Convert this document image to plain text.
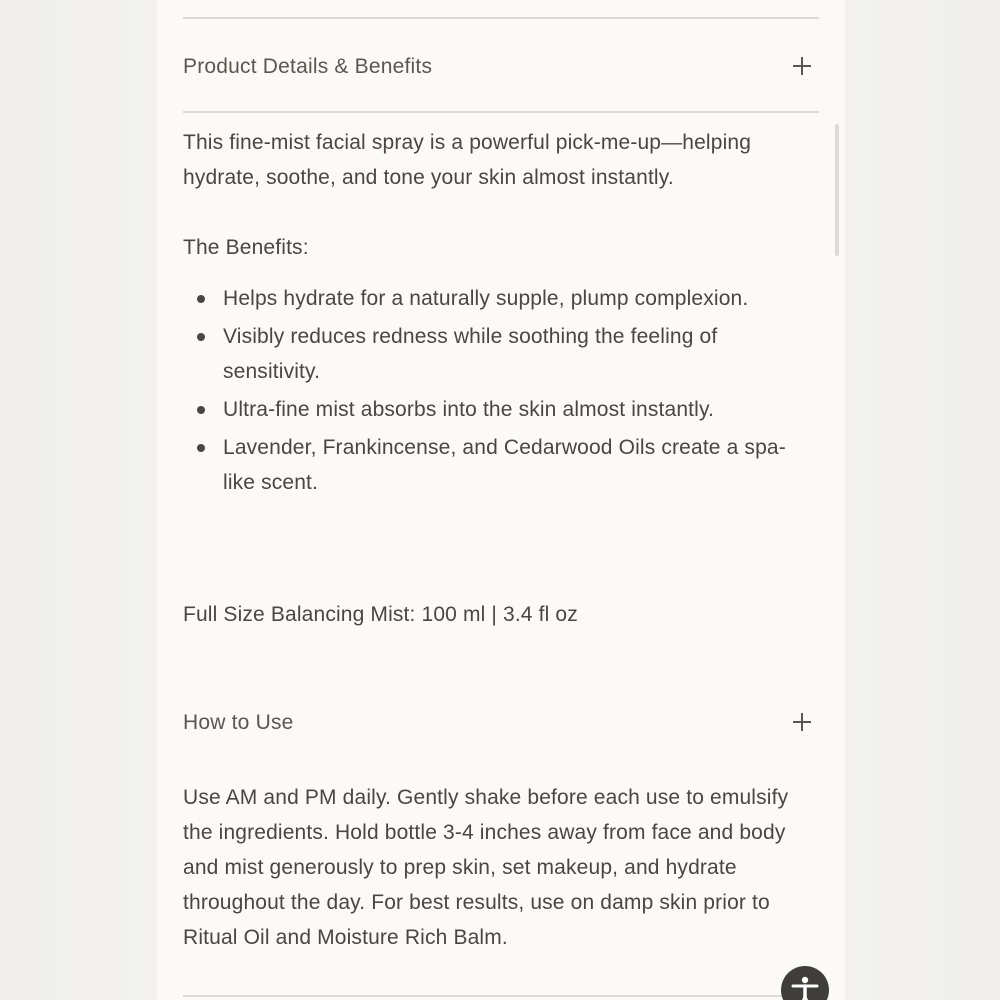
Product Details & Benefits
This fine-mist facial spray is a powerful pick-me-up—helping hydrate, soothe, and tone your skin almost instantly.
The Benefits:
Helps hydrate for a naturally supple, plump complexion.
Visibly reduces redness while soothing the feeling of sensitivity.
Ultra-fine mist absorbs into the skin almost instantly.
Lavender, Frankincense, and Cedarwood Oils create a spa-like scent.
Full Size Balancing Mist: 100 ml | 3.4 fl oz
How to Use
Use AM and PM daily. Gently shake before each use to emulsify the ingredients. Hold bottle 3-4 inches away from face and body and mist generously to prep skin, set makeup, and hydrate throughout the day. For best results, use on damp skin prior to Ritual Oil and Moisture Rich Balm.
